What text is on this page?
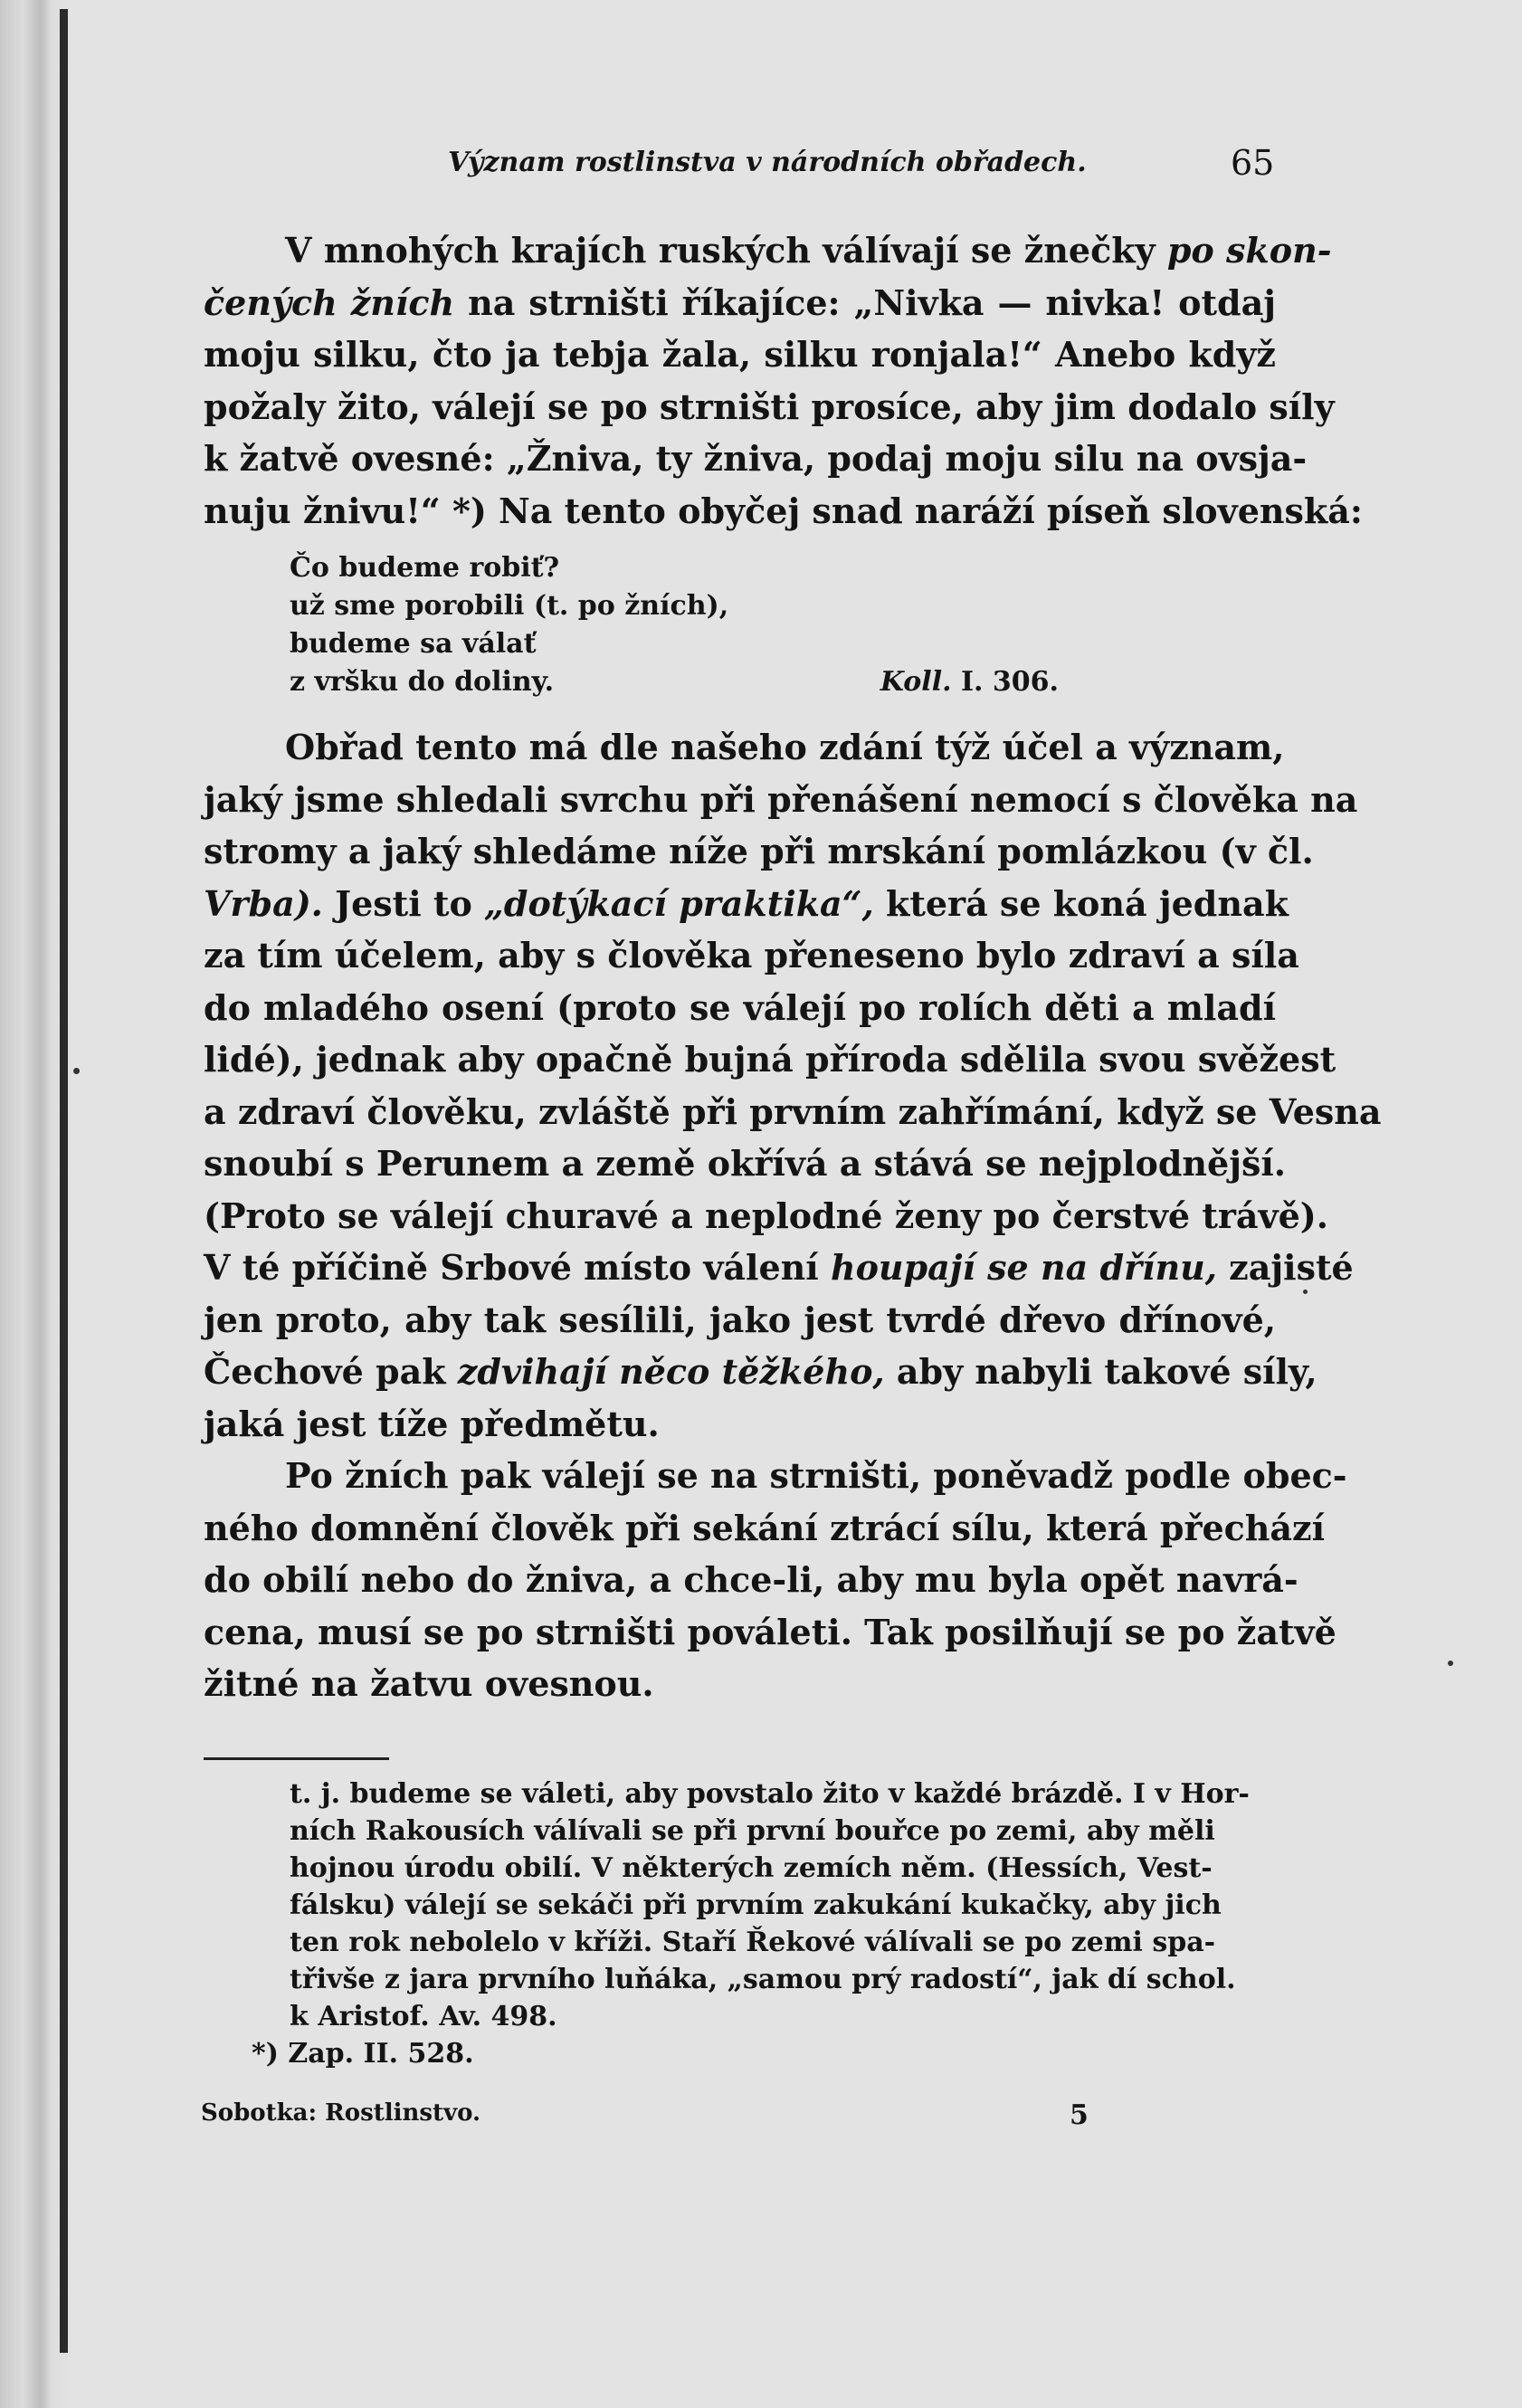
Význam rostlinstva v národních obřadech.	65

V mnohých krajích ruských válívají se žnečky po skon-

čených žních na strništi říkajíce: „Nivka — nivka! otdaj

moju silku, čto ja tebja žala, silku ronjala!“ Anebo když

požaly žito, válejí se po strništi prosíce, aby jim dodalo síly

k žatvě ovesné: „Žniva, ty žniva, podaj moju silu na ovsja-

nuju žnivu!“ *) Na tento obyčej snad naráží píseň slovenská:

Čo budeme robiť?
už sme porobili (t. po žních),
budeme sa válať
z vršku do doliny.	Koll. I. 306.

Obřad tento má dle našeho zdání týž účel a význam,

jaký jsme shledali svrchu při přenášení nemocí s člověka na

stromy a jaký shledáme níže při mrskání pomlázkou (v čl.

Vrba). Jesti to „dotýkací praktika“, která se koná jednak

za tím účelem, aby s člověka přeneseno bylo zdraví a síla

do mladého osení (proto se válejí po rolích děti a mladí

lidé), jednak aby opačně bujná příroda sdělila svou svěžest

a zdraví člověku, zvláště při prvním zahřímání, když se Vesna

snoubí s Perunem a země okřívá a stává se nejplodnější.

(Proto se válejí churavé a neplodné ženy po čerstvé trávě).

V té příčině Srbové místo válení houpají se na dřínu, zajisté

jen proto, aby tak sesílili, jako jest tvrdé dřevo dřínové,

Čechové pak zdvihají něco těžkého, aby nabyli takové síly,

jaká jest tíže předmětu.

Po žních pak válejí se na strništi, poněvadž podle obec-

ného domnění člověk při sekání ztrácí sílu, která přechází

do obilí nebo do žniva, a chce-li, aby mu byla opět navrá-

cena, musí se po strništi pováleti. Tak posilňují se po žatvě

žitné na žatvu ovesnou.

t. j. budeme se váleti, aby povstalo žito v každé brázdě. I v Hor-
ních Rakousích válívali se při první bouřce po zemi, aby měli
hojnou úrodu obilí. V některých zemích něm. (Hessích, Vest-
fálsku) válejí se sekáči při prvním zakukání kukačky, aby jich
ten rok nebolelo v kříži. Staří Řekové válívali se po zemi spa-
třivše z jara prvního luňáka, „samou prý radostí“, jak dí schol.
k Aristof. Av. 498.
*) Zap. II. 528.
Sobotka: Rostlinstvo.	5
